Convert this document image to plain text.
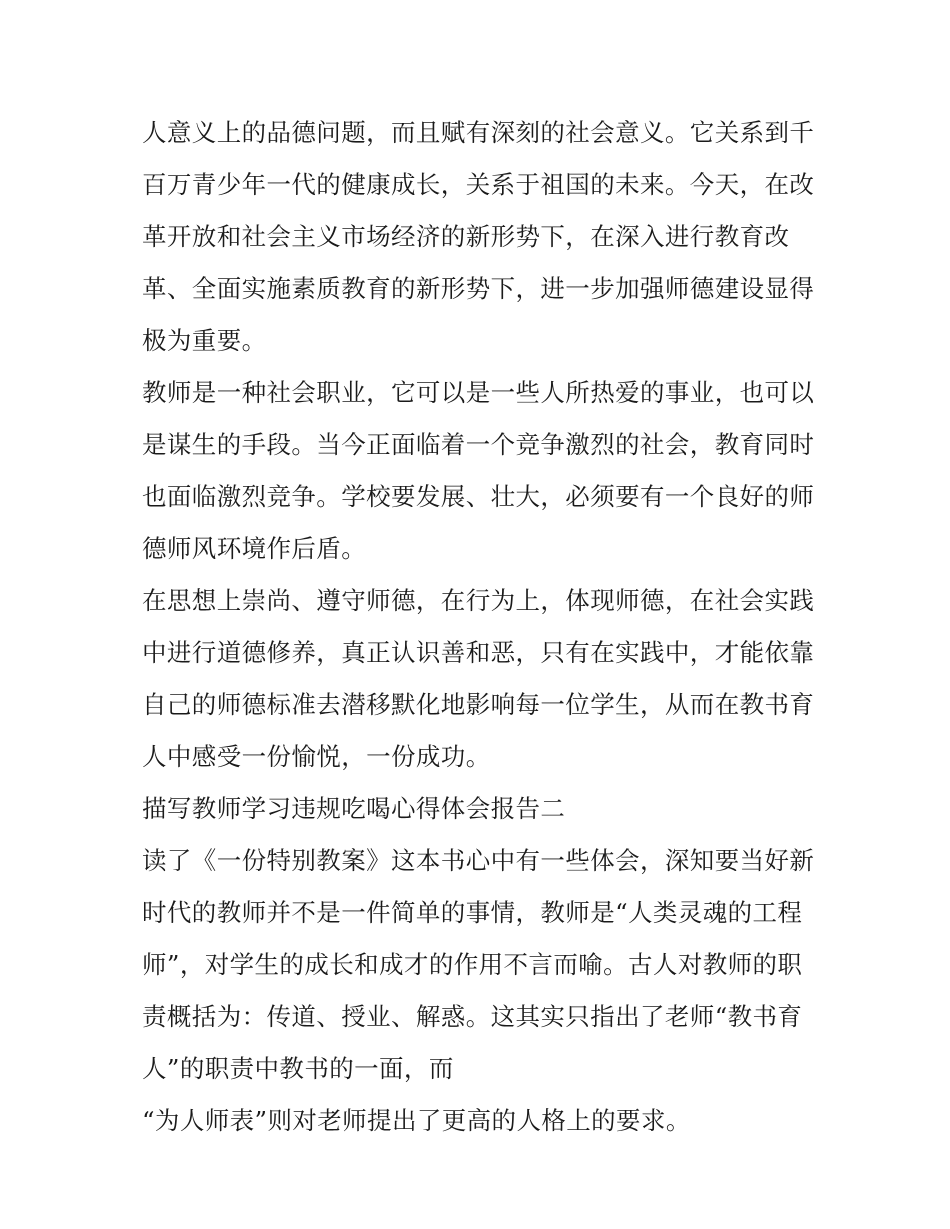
人意义上的品德问题，而且赋有深刻的社会意义。它关系到千
百万青少年一代的健康成长，关系于祖国的未来。今天，在改
革开放和社会主义市场经济的新形势下，在深入进行教育改
革、全面实施素质教育的新形势下，进一步加强师德建设显得
极为重要。
教师是一种社会职业，它可以是一些人所热爱的事业，也可以
是谋生的手段。当今正面临着一个竞争激烈的社会，教育同时
也面临激烈竞争。学校要发展、壮大，必须要有一个良好的师
德师风环境作后盾。
在思想上崇尚、遵守师德，在行为上，体现师德，在社会实践
中进行道德修养，真正认识善和恶，只有在实践中，才能依靠
自己的师德标准去潜移默化地影响每一位学生，从而在教书育
人中感受一份愉悦，一份成功。
描写教师学习违规吃喝心得体会报告二
读了《一份特别教案》这本书心中有一些体会，深知要当好新
时代的教师并不是一件简单的事情，教师是“人类灵魂的工程
师”，对学生的成长和成才的作用不言而喻。古人对教师的职
责概括为：传道、授业、解惑。这其实只指出了老师“教书育
人”的职责中教书的一面，而
“为人师表”则对老师提出了更高的人格上的要求。
